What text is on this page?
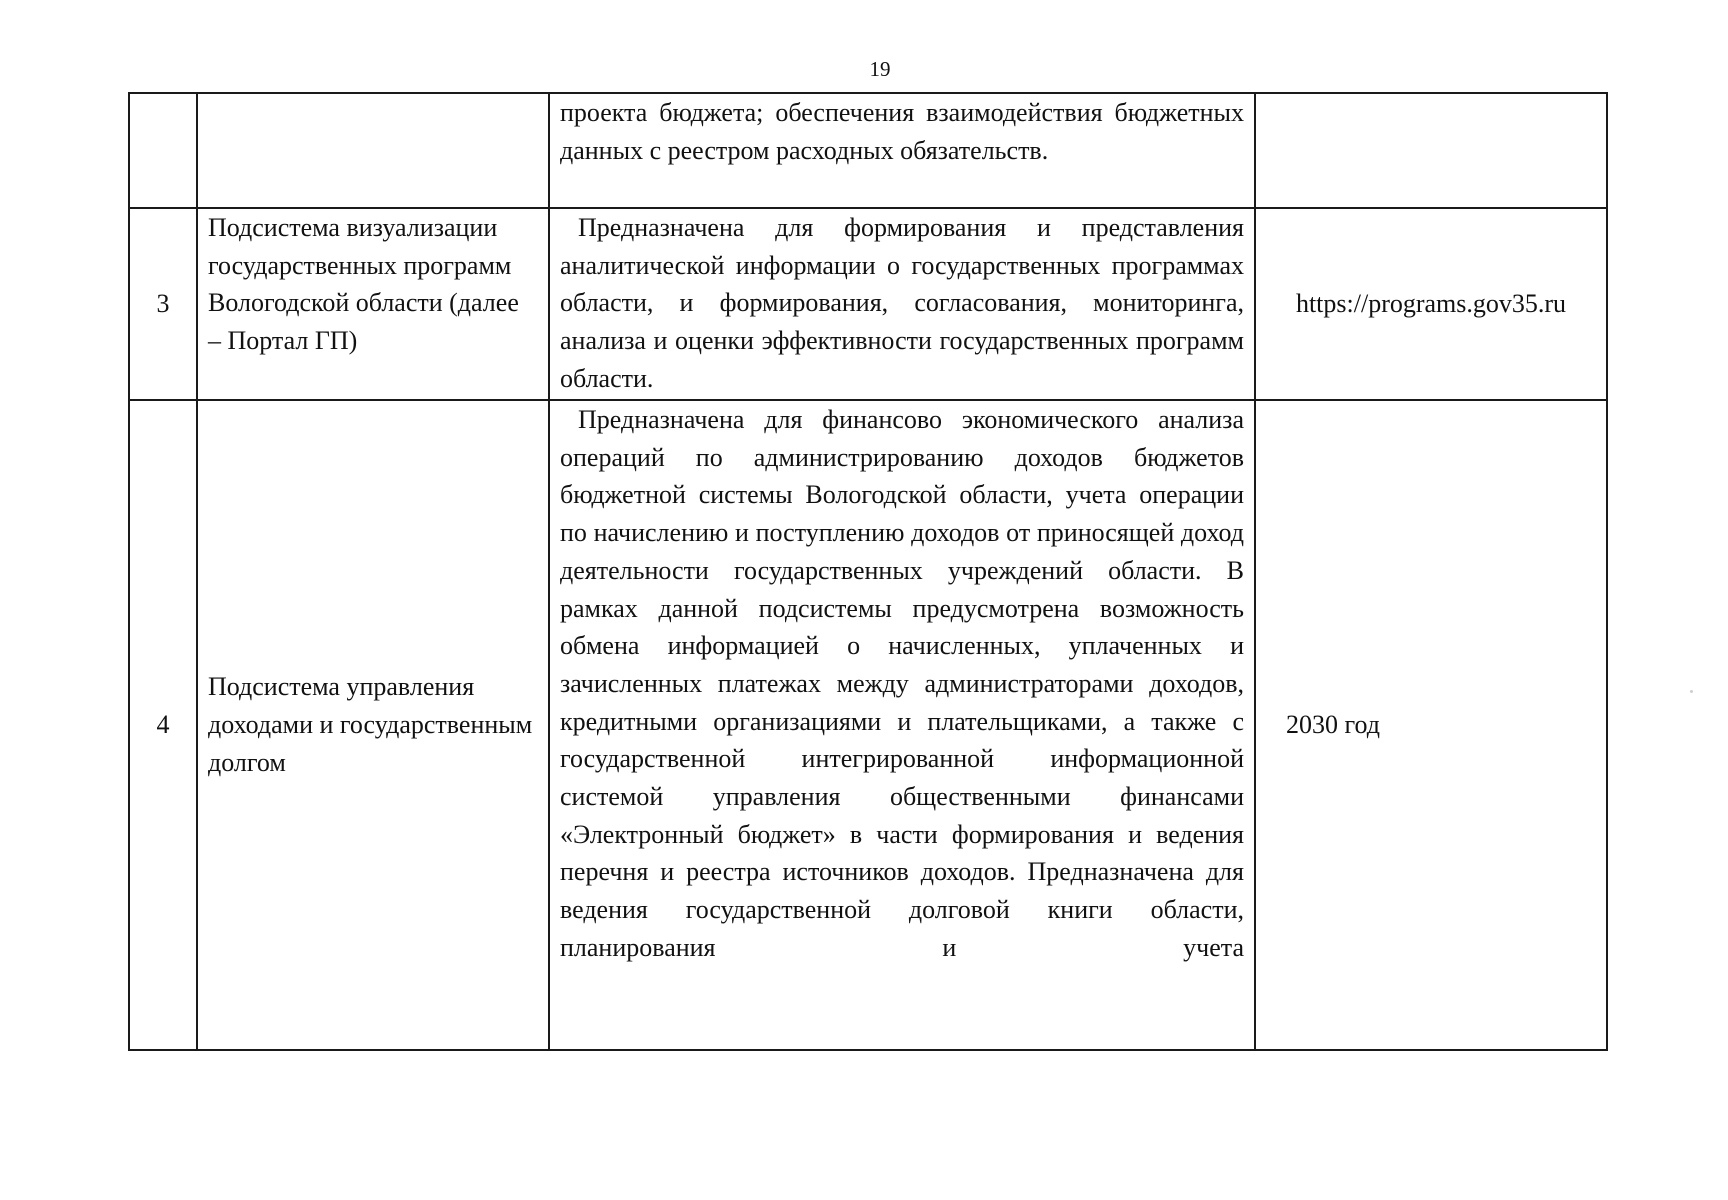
19
		проекта бюджета; обеспечения взаимодействия бюджетных данных с реестром расходных обязательств.	
3	Подсистема визуализации государственных программ Вологодской области (далее – Портал ГП)	Предназначена для формирования и представления аналитической информации о государственных программах области, и формирования, согласования, мониторинга, анализа и оценки эффективности государственных программ области.	https://programs.gov35.ru
4	Подсистема управления доходами и государственным долгом	Предназначена для финансово экономического анализа операций по администрированию доходов бюджетов бюджетной системы Вологодской области, учета операции по начислению и поступлению доходов от приносящей доход деятельности государственных учреждений области. В рамках данной подсистемы предусмотрена возможность обмена информацией о начисленных, уплаченных и зачисленных платежах между администраторами доходов, кредитными организациями и плательщиками, а также с государственной интегрированной информационной системой управления общественными финансами «Электронный бюджет» в части формирования и ведения перечня и реестра источников доходов. Предназначена для ведения государственной долговой книги области, планирования и учета	2030 год
